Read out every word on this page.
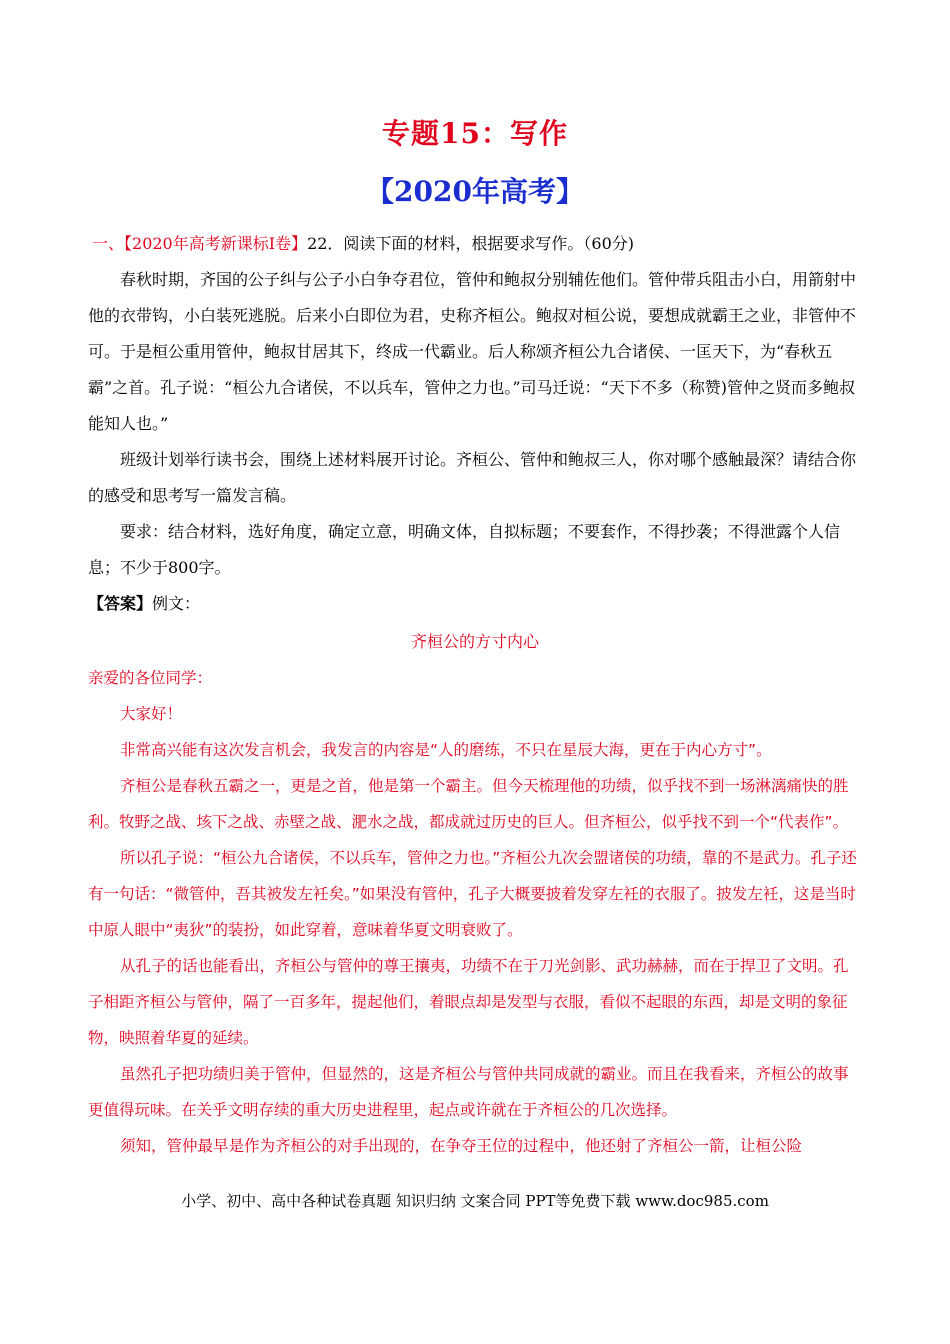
专题15：写作
【2020年高考】

一、【2020年高考新课标Ⅰ卷】22．阅读下面的材料，根据要求写作。（60分)

春秋时期，齐国的公子纠与公子小白争夺君位，管仲和鲍叔分别辅佐他们。管仲带兵阻击小白，用箭射中他的衣带钩，小白装死逃脱。后来小白即位为君，史称齐桓公。鲍叔对桓公说，要想成就霸王之业，非管仲不可。于是桓公重用管仲，鲍叔甘居其下，终成一代霸业。后人称颂齐桓公九合诸侯、一匡天下，为“春秋五霸”之首。孔子说：“桓公九合诸侯，不以兵车，管仲之力也。”司马迁说：“天下不多（称赞)管仲之贤而多鲍叔能知人也。”

班级计划举行读书会，围绕上述材料展开讨论。齐桓公、管仲和鲍叔三人，你对哪个感触最深？请结合你的感受和思考写一篇发言稿。

要求：结合材料，选好角度，确定立意，明确文体，自拟标题；不要套作，不得抄袭；不得泄露个人信息；不少于800字。

【答案】例文：

齐桓公的方寸内心

亲爱的各位同学：

大家好！

非常高兴能有这次发言机会，我发言的内容是“人的磨练，不只在星辰大海，更在于内心方寸”。

齐桓公是春秋五霸之一，更是之首，他是第一个霸主。但今天梳理他的功绩，似乎找不到一场淋漓痛快的胜利。牧野之战、垓下之战、赤壁之战、淝水之战，都成就过历史的巨人。但齐桓公，似乎找不到一个“代表作”。

所以孔子说：“桓公九合诸侯，不以兵车，管仲之力也。”齐桓公九次会盟诸侯的功绩，靠的不是武力。孔子还有一句话：“微管仲，吾其被发左衽矣。”如果没有管仲，孔子大概要披着发穿左衽的衣服了。披发左衽，这是当时中原人眼中“夷狄”的装扮，如此穿着，意味着华夏文明衰败了。

从孔子的话也能看出，齐桓公与管仲的尊王攘夷，功绩不在于刀光剑影、武功赫赫，而在于捍卫了文明。孔子相距齐桓公与管仲，隔了一百多年，提起他们，着眼点却是发型与衣服，看似不起眼的东西，却是文明的象征物，映照着华夏的延续。

虽然孔子把功绩归美于管仲，但显然的，这是齐桓公与管仲共同成就的霸业。而且在我看来，齐桓公的故事更值得玩味。在关乎文明存续的重大历史进程里，起点或许就在于齐桓公的几次选择。

须知，管仲最早是作为齐桓公的对手出现的，在争夺王位的过程中，他还射了齐桓公一箭，让桓公险

小学、初中、高中各种试卷真题 知识归纳 文案合同 PPT等免费下载 www.doc985.com
